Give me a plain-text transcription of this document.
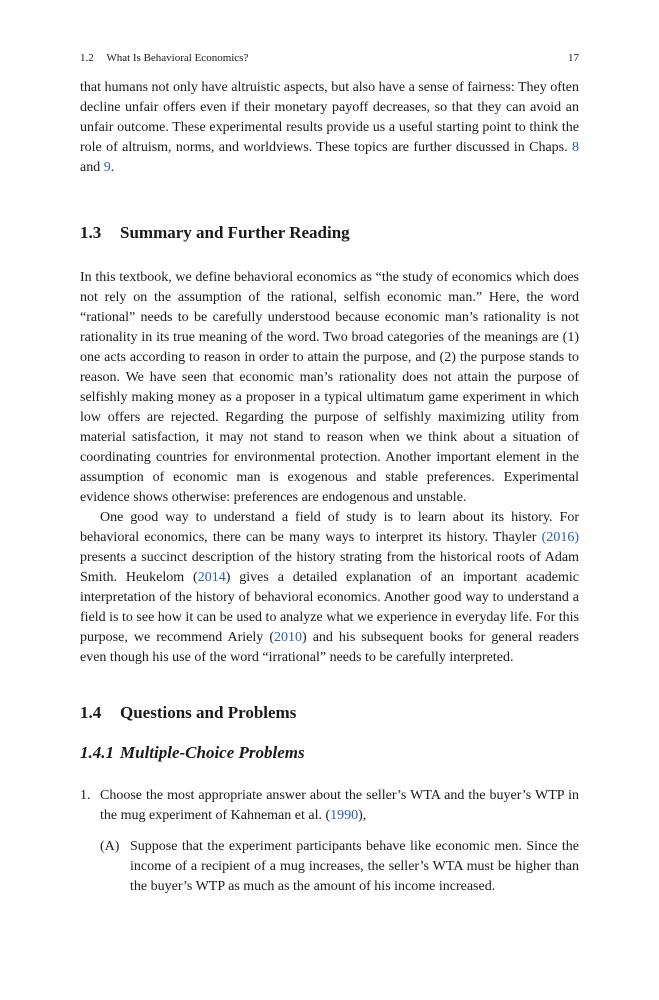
1.2 What Is Behavioral Economics?	17

that humans not only have altruistic aspects, but also have a sense of fairness: They often decline unfair offers even if their monetary payoff decreases, so that they can avoid an unfair outcome. These experimental results provide us a useful starting point to think the role of altruism, norms, and worldviews. These topics are further discussed in Chaps. 8 and 9.

1.3 Summary and Further Reading

In this textbook, we define behavioral economics as “the study of economics which does not rely on the assumption of the rational, selfish economic man.” Here, the word “rational” needs to be carefully understood because economic man’s rationality is not rationality in its true meaning of the word. Two broad categories of the meanings are (1) one acts according to reason in order to attain the purpose, and (2) the purpose stands to reason. We have seen that economic man’s rationality does not attain the purpose of selfishly making money as a proposer in a typical ultimatum game experiment in which low offers are rejected. Regarding the purpose of selfishly maximizing utility from material satisfaction, it may not stand to reason when we think about a situation of coordinating countries for environmental protection. Another important element in the assumption of economic man is exogenous and stable preferences. Experimental evidence shows otherwise: preferences are endogenous and unstable.

One good way to understand a field of study is to learn about its history. For behavioral economics, there can be many ways to interpret its history. Thayler (2016) presents a succinct description of the history strating from the historical roots of Adam Smith. Heukelom (2014) gives a detailed explanation of an important academic interpretation of the history of behavioral economics. Another good way to understand a field is to see how it can be used to analyze what we experience in everyday life. For this purpose, we recommend Ariely (2010) and his subsequent books for general readers even though his use of the word “irrational” needs to be carefully interpreted.

1.4 Questions and Problems
1.4.1 Multiple-Choice Problems
1. Choose the most appropriate answer about the seller’s WTA and the buyer’s WTP in the mug experiment of Kahneman et al. (1990),
(A) Suppose that the experiment participants behave like economic men. Since the income of a recipient of a mug increases, the seller’s WTA must be higher than the buyer’s WTP as much as the amount of his income increased.
